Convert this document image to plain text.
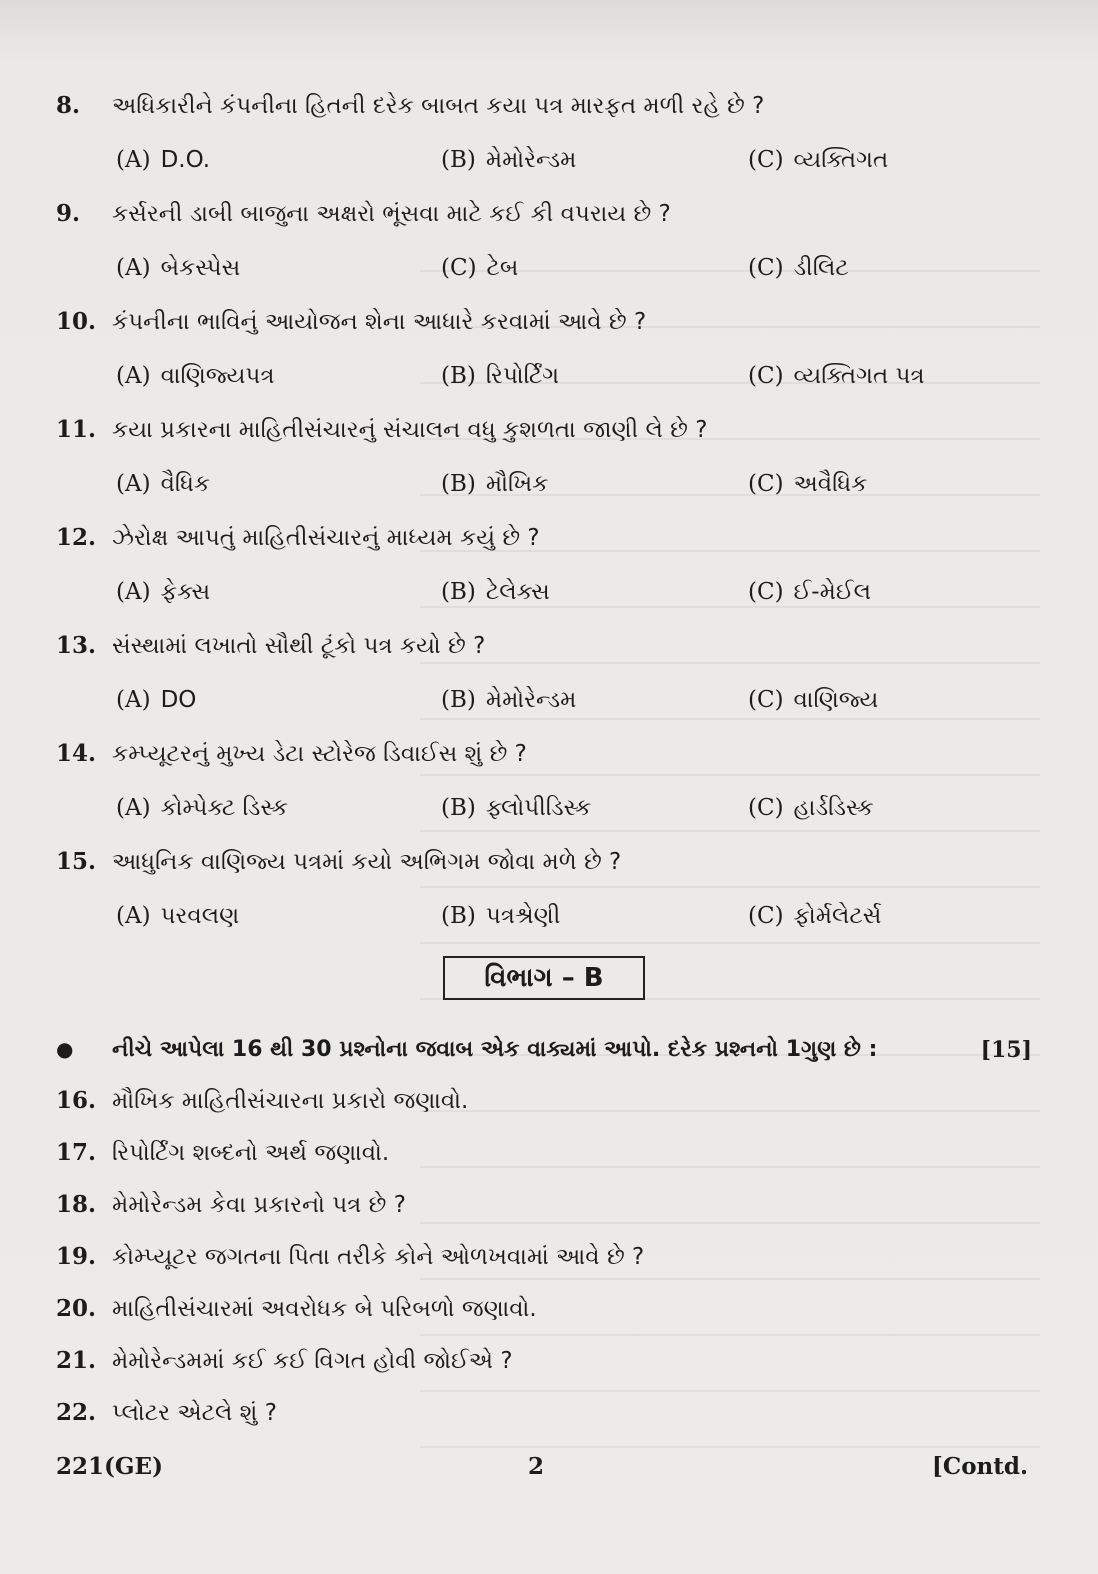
8. અધિકારીને કંપનીના હિતની દરેક બાબત કયા પત્ર મારફત મળી રહે છે ?
(A) D.O.	(B) મેમોરેન્ડમ	(C) વ્યક્તિગત
9. કર્સરની ડાબી બાજુના અક્ષરો ભૂંસવા માટે કઈ કી વપરાય છે ?
(A) બેકસ્પેસ	(C) ટેબ	(C) ડીલિટ
10. કંપનીના ભાવિનું આયોજન શેના આધારે કરવામાં આવે છે ?
(A) વાણિજ્યપત્ર	(B) રિપોર્ટિંગ	(C) વ્યક્તિગત પત્ર
11. કયા પ્રકારના માહિતીસંચારનું સંચાલન વધુ કુશળતા જાણી લે છે ?
(A) વૈધિક	(B) મૌખિક	(C) અવૈધિક
12. ઝેરોક્ષ આપતું માહિતીસંચારનું માધ્યમ કયું છે ?
(A) ફેક્સ	(B) ટેલેક્સ	(C) ઈ-મેઈલ
13. સંસ્થામાં લખાતો સૌથી ટૂંકો પત્ર કયો છે ?
(A) DO	(B) મેમોરેન્ડમ	(C) વાણિજ્ય
14. કમ્પ્યૂટરનું મુખ્ય ડેટા સ્ટોરેજ ડિવાઈસ શું છે ?
(A) કોમ્પેક્ટ ડિસ્ક	(B) ફ્લોપીડિસ્ક	(C) હાર્ડડિસ્ક
15. આધુનિક વાણિજ્ય પત્રમાં કયો અભિગમ જોવા મળે છે ?
(A) પરવલણ	(B) પત્રશ્રેણી	(C) ફોર્મલેટર્સ
વિભાગ – B
● નીચે આપેલા 16 થી 30 પ્રશ્નોના જવાબ એક વાક્યમાં આપો. દરેક પ્રશ્નનો 1ગુણ છે :	[15]
16. મૌખિક માહિતીસંચારના પ્રકારો જણાવો.
17. રિપોર્ટિંગ શબ્દનો અર્થ જણાવો.
18. મેમોરેન્ડમ કેવા પ્રકારનો પત્ર છે ?
19. કોમ્પ્યૂટર જગતના પિતા તરીકે કોને ઓળખવામાં આવે છે ?
20. માહિતીસંચારમાં અવરોધક બે પરિબળો જણાવો.
21. મેમોરેન્ડમમાં કઈ કઈ વિગત હોવી જોઈએ ?
22. પ્લોટર એટલે શું ?
221(GE)	2	[Contd.
